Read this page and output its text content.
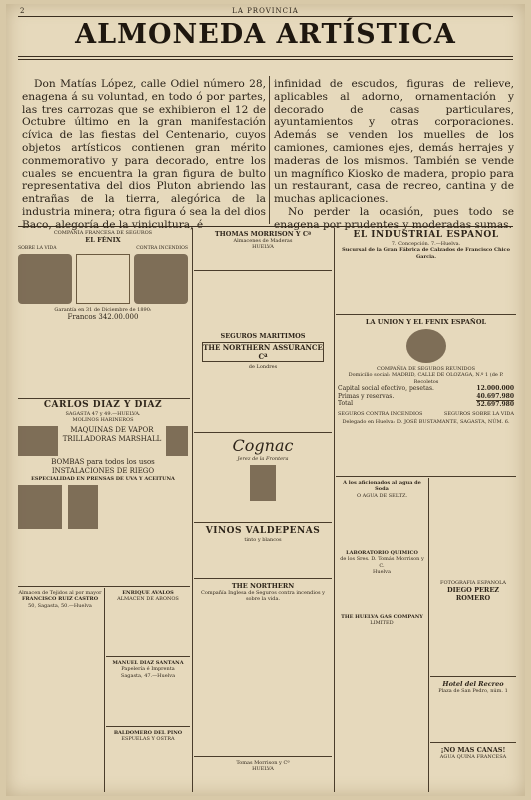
2	LA PROVINCIA
ALMONEDA ARTÍSTICA
Don Matías López, calle Odiel número 28, enagena á su voluntad, en todo ó por partes, las tres carrozas que se exhibieron el 12 de Octubre último en la gran manifestación cívica de las fiestas del Centenario, cuyos objetos artísticos contienen gran mérito conmemorativo y para decorado, entre los cuales se encuentra la gran figura de bulto representativa del dios Pluton abriendo las entrañas de la tierra, alegórica de la industria minera; otra figura ó sea la del dios Baco, alegoría de la vinicultura, é
infinidad de escudos, figuras de relieve, aplicables al adorno, ornamentación y decorado de casas particulares, ayuntamientos y otras corporaciones. Además se venden los muelles de los camiones, camiones ejes, demás herrajes y maderas de los mismos. También se vende un magnífico Kiosko de madera, propio para un restaurant, casa de recreo, cantina y de muchas aplicaciones.
No perder la ocasión, pues todo se enagena por prudentes y moderadas sumas.
COMPAÑÍA FRANCESA DE SEGUROS
EL FÉNIX
SOBRE LA VIDA	CONTRA INCENDIOS
Garantía en 31 de Diciembre de 1890:
Francos 342.00.000
CARLOS DIAZ Y DIAZ
SAGASTA 47 y 49.—HUELVA.
MOLINOS HARINEROS
MAQUINAS DE VAPOR
TRILLADORAS MARSHALL
BOMBAS para todos los usos
INSTALACIONES DE RIEGO
ESPECIALIDAD EN PRENSAS DE UVA Y ACEITUNA
Almacen de Tejidos al por mayor
FRANCISCO RUIZ CASTRO
50, Sagasta, 50.—Huelva
ENRIQUE AVALOS
ALMACEN DE ABONOS
MANUEL DIAZ SANTANA
Papelería é Imprenta
Sagasta, 47.—Huelva
BALDOMERO DEL PINO
ESPUELAS Y OSTRA
THOMAS MORRISON Y Cª
Almacenes de Maderas
HUELVA
SEGUROS MARITIMOS
THE NORTHERN ASSURANCE Cª
de Londres
Cognac
Jerez de la Frontera
VINOS VALDEPEÑAS
tinto y blancos
THE NORTHERN
Compañía Inglesa de Seguros contra incendios y sobre la vida.
Tomas Morrison y Cª
HUELVA
EL INDUSTRIAL ESPAÑOL
7. Concepción. 7.—Huelva.
Sucursal de la Gran Fábrica de Calzados de Francisco Chico Garcia.
LA UNION Y EL FENIX ESPAÑOL
COMPAÑIA DE SEGUROS REUNIDOS
Domicilio social: MADRID, CALLE DE OLOZAGA, N.º 1 (de P. Recoletos
Capital social efectivo, pesetas.	12.000.000
Primas y reservas.	40.697.980
Total	52.697.980
SEGUROS CONTRA INCENDIOS	SEGUROS SOBRE LA VIDA
Delegado en Huelva: D. JOSÉ BUSTAMANTE, SAGASTA, NÚM. 6.
A los aficionados al agua de Soda
O AGUA DE SELTZ.
LABORATORIO QUIMICO
de los Sres. D. Tomás Morrison y C.
Huelva
THE HUELVA GAS COMPANY
LIMITED
FOTOGRAFIA ESPAÑOLA
DIEGO PEREZ ROMERO
Hotel del Recreo
Plaza de San Pedro, núm. 1
¡NO MAS CANAS!
AGUA QUINA FRANCESA
